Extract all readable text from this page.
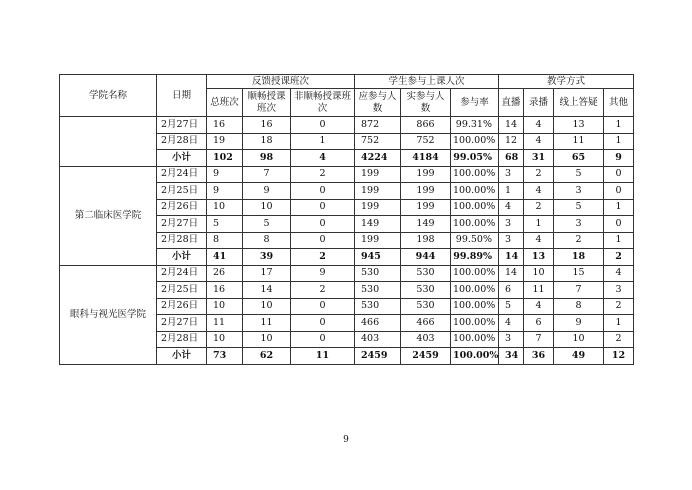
学院名称	日期	反馈授课班次			学生参与上课人次			教学方式			
		总班次	顺畅授课班次	非顺畅授课班次	应参与人数	实参与人数	参与率	直播	录播	线上答疑	其他
	2月27日	16	16	0	872	866	99.31%	14	4	13	1
	2月28日	19	18	1	752	752	100.00%	12	4	11	1
	小计	102	98	4	4224	4184	99.05%	68	31	65	9
第二临床医学院	2月24日	9	7	2	199	199	100.00%	3	2	5	0
	2月25日	9	9	0	199	199	100.00%	1	4	3	0
	2月26日	10	10	0	199	199	100.00%	4	2	5	1
	2月27日	5	5	0	149	149	100.00%	3	1	3	0
	2月28日	8	8	0	199	198	99.50%	3	4	2	1
	小计	41	39	2	945	944	99.89%	14	13	18	2
眼科与视光医学院	2月24日	26	17	9	530	530	100.00%	14	10	15	4
	2月25日	16	14	2	530	530	100.00%	6	11	7	3
	2月26日	10	10	0	530	530	100.00%	5	4	8	2
	2月27日	11	11	0	466	466	100.00%	4	6	9	1
	2月28日	10	10	0	403	403	100.00%	3	7	10	2
	小计	73	62	11	2459	2459	100.00%	34	36	49	12
9
